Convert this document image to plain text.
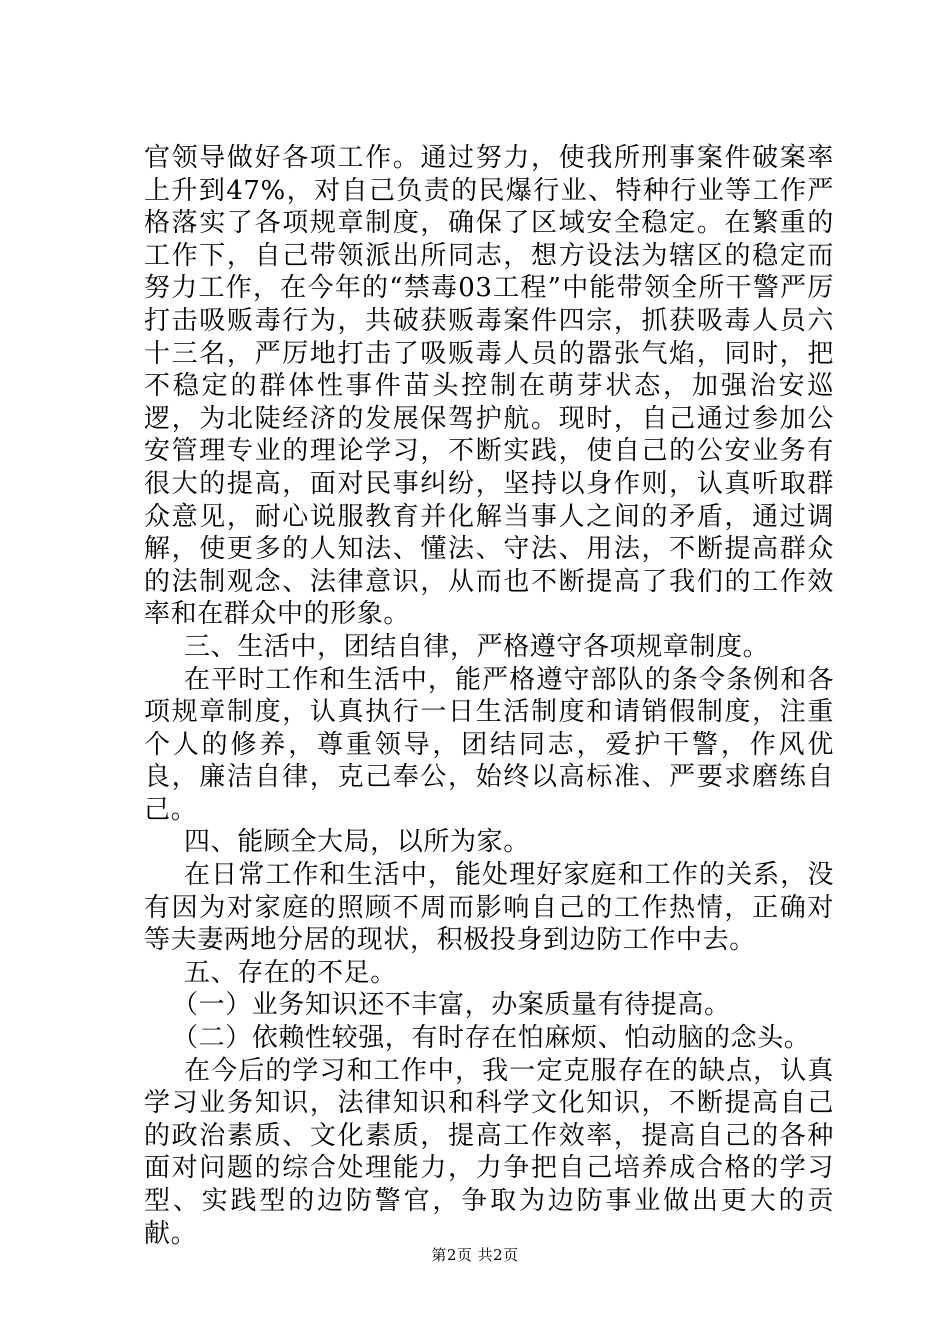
官领导做好各项工作。通过努力，使我所刑事案件破案率上升到47%，对自己负责的民爆行业、特种行业等工作严格落实了各项规章制度，确保了区域安全稳定。在繁重的工作下，自己带领派出所同志，想方设法为辖区的稳定而努力工作，在今年的“禁毒03工程”中能带领全所干警严厉打击吸贩毒行为，共破获贩毒案件四宗，抓获吸毒人员六十三名，严厉地打击了吸贩毒人员的嚣张气焰，同时，把不稳定的群体性事件苗头控制在萌芽状态，加强治安巡逻，为北陡经济的发展保驾护航。现时，自己通过参加公安管理专业的理论学习，不断实践，使自己的公安业务有很大的提高，面对民事纠纷，坚持以身作则，认真听取群众意见，耐心说服教育并化解当事人之间的矛盾，通过调解，使更多的人知法、懂法、守法、用法，不断提高群众的法制观念、法律意识，从而也不断提高了我们的工作效率和在群众中的形象。

三、生活中，团结自律，严格遵守各项规章制度。

在平时工作和生活中，能严格遵守部队的条令条例和各项规章制度，认真执行一日生活制度和请销假制度，注重个人的修养，尊重领导，团结同志，爱护干警，作风优良，廉洁自律，克己奉公，始终以高标准、严要求磨练自己。

四、能顾全大局，以所为家。

在日常工作和生活中，能处理好家庭和工作的关系，没有因为对家庭的照顾不周而影响自己的工作热情，正确对等夫妻两地分居的现状，积极投身到边防工作中去。

五、存在的不足。

（一）业务知识还不丰富，办案质量有待提高。

（二）依赖性较强，有时存在怕麻烦、怕动脑的念头。

在今后的学习和工作中，我一定克服存在的缺点，认真学习业务知识，法律知识和科学文化知识，不断提高自己的政治素质、文化素质，提高工作效率，提高自己的各种面对问题的综合处理能力，力争把自己培养成合格的学习型、实践型的边防警官，争取为边防事业做出更大的贡献。

第2页 共2页
